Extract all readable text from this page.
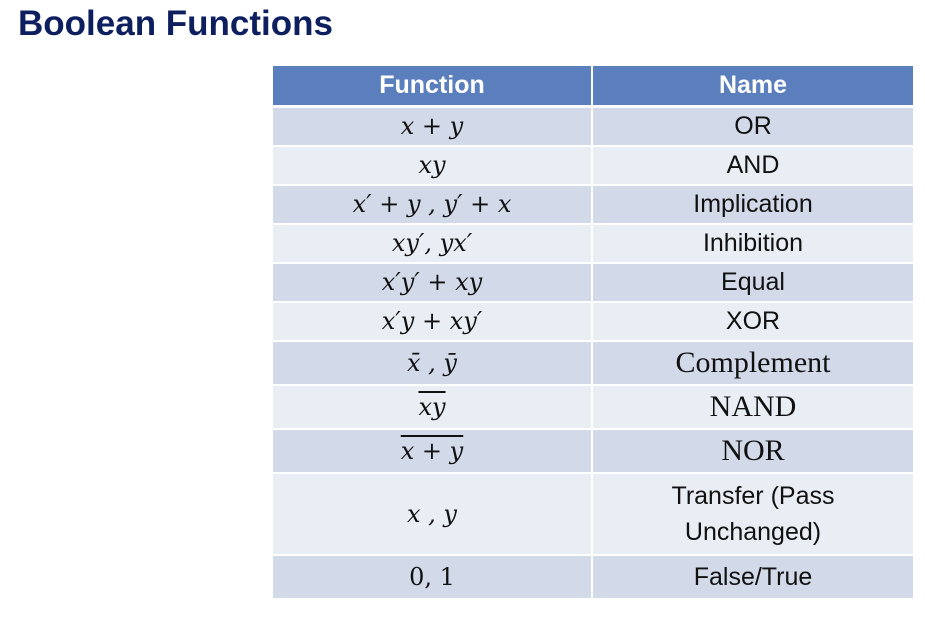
Boolean Functions
Function	Name
x + y	OR
xy	AND
x′ + y , y′ + x	Implication
xy′, yx′	Inhibition
x′y′ + xy	Equal
x′y + xy′	XOR
x̄ , ȳ	Complement
$\overline{xy}$	NAND
x + y	NOR
x , y	Transfer (Pass
Unchanged)
0, 1	False/True
